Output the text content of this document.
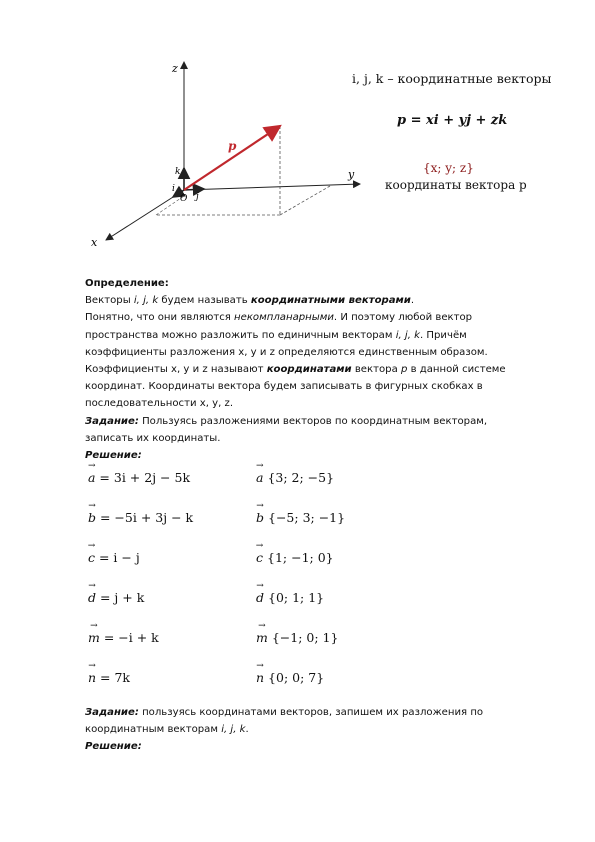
z
y
x
p
k
i
j
O
i, j, k – координатные векторы
p = xi + yj + zk
{x; y; z}
координаты вектора p

Определение:

Векторы i, j, k будем называть координатными векторами.

Понятно, что они являются некомпланарными. И поэтому любой вектор

пространства можно разложить по единичным векторам i, j, k. Причём

коэффициенты разложения x, y и z определяются единственным образом.

Коэффициенты x, y и z называют координатами вектора p в данной системе

координат. Координаты вектора будем записывать в фигурных скобках в

последовательности x, y, z.

Задание: Пользуясь разложениями векторов по координатным векторам,

записать их координаты.

Решение:

→ a = 3i + 2j − 5k	→ a {3; 2; −5}
→ b = −5i + 3j − k	→ b {−5; 3; −1}
→ c = i − j	→ c {1; −1; 0}
→ d = j + k	→ d {0; 1; 1}
→ m = −i + k	→ m {−1; 0; 1}
→ n = 7k	→ n {0; 0; 7}

Задание: пользуясь координатами векторов, запишем их разложения по

координатным векторам i, j, k.

Решение:
